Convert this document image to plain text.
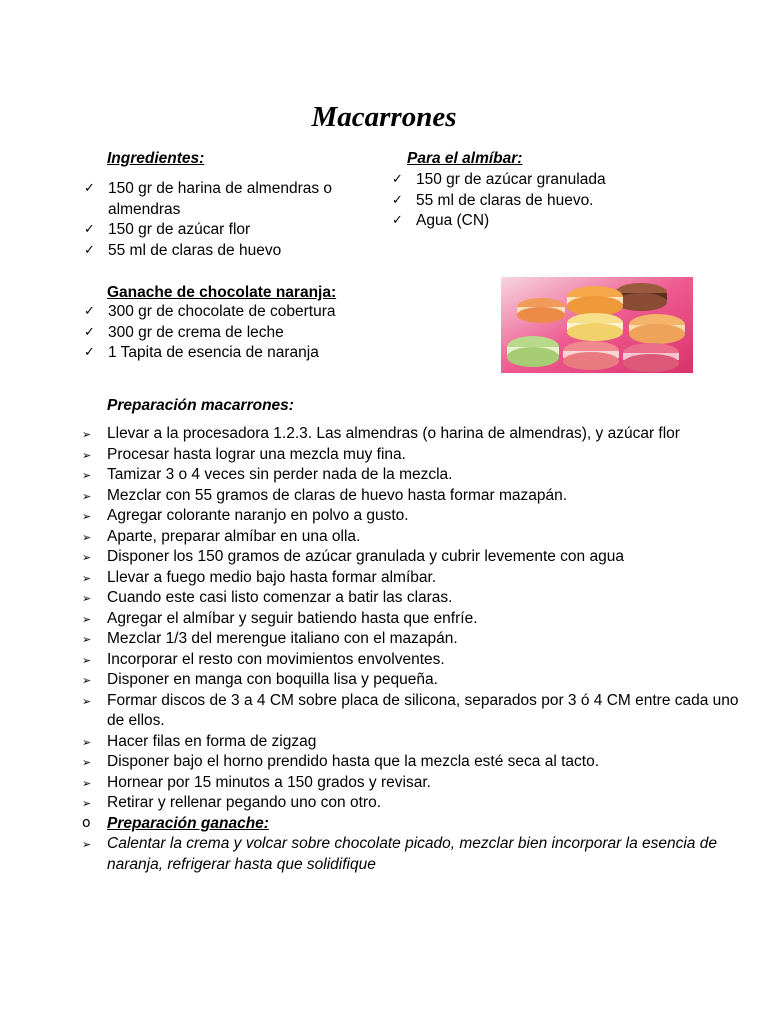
Macarrones
Ingredientes:
✓ 150 gr de harina de almendras o almendras
✓ 150 gr de azúcar flor
✓ 55 ml de claras de huevo
Para el almíbar:
✓ 150 gr de azúcar granulada
✓ 55 ml de claras de huevo.
✓ Agua (CN)
Ganache de chocolate naranja:
✓ 300 gr de chocolate de cobertura
✓ 300 gr de crema de leche
✓ 1 Tapita de esencia de naranja
Preparación macarrones:
➢ Llevar a la procesadora 1.2.3. Las almendras (o harina de almendras), y azúcar flor
➢ Procesar hasta lograr una mezcla muy fina.
➢ Tamizar 3 o 4 veces sin perder nada de la mezcla.
➢ Mezclar con 55 gramos de claras de huevo hasta formar mazapán.
➢ Agregar colorante naranjo en polvo a gusto.
➢ Aparte, preparar almíbar en una olla.
➢ Disponer los 150 gramos de azúcar granulada y cubrir levemente con agua
➢ Llevar a fuego medio bajo hasta formar almíbar.
➢ Cuando este casi listo comenzar a batir las claras.
➢ Agregar el almíbar y seguir batiendo hasta que enfríe.
➢ Mezclar 1/3 del merengue italiano con el mazapán.
➢ Incorporar el resto con movimientos envolventes.
➢ Disponer en manga con boquilla lisa y pequeña.
➢ Formar discos de 3 a 4 CM sobre placa de silicona, separados por 3 ó 4 CM entre cada uno de ellos.
➢ Hacer filas en forma de zigzag
➢ Disponer bajo el horno prendido hasta que la mezcla esté seca al tacto.
➢ Hornear por 15 minutos a 150 grados y revisar.
➢ Retirar y rellenar pegando uno con otro.
o Preparación ganache:
➢ Calentar la crema y volcar sobre chocolate picado, mezclar bien incorporar la esencia de naranja, refrigerar hasta que solidifique
